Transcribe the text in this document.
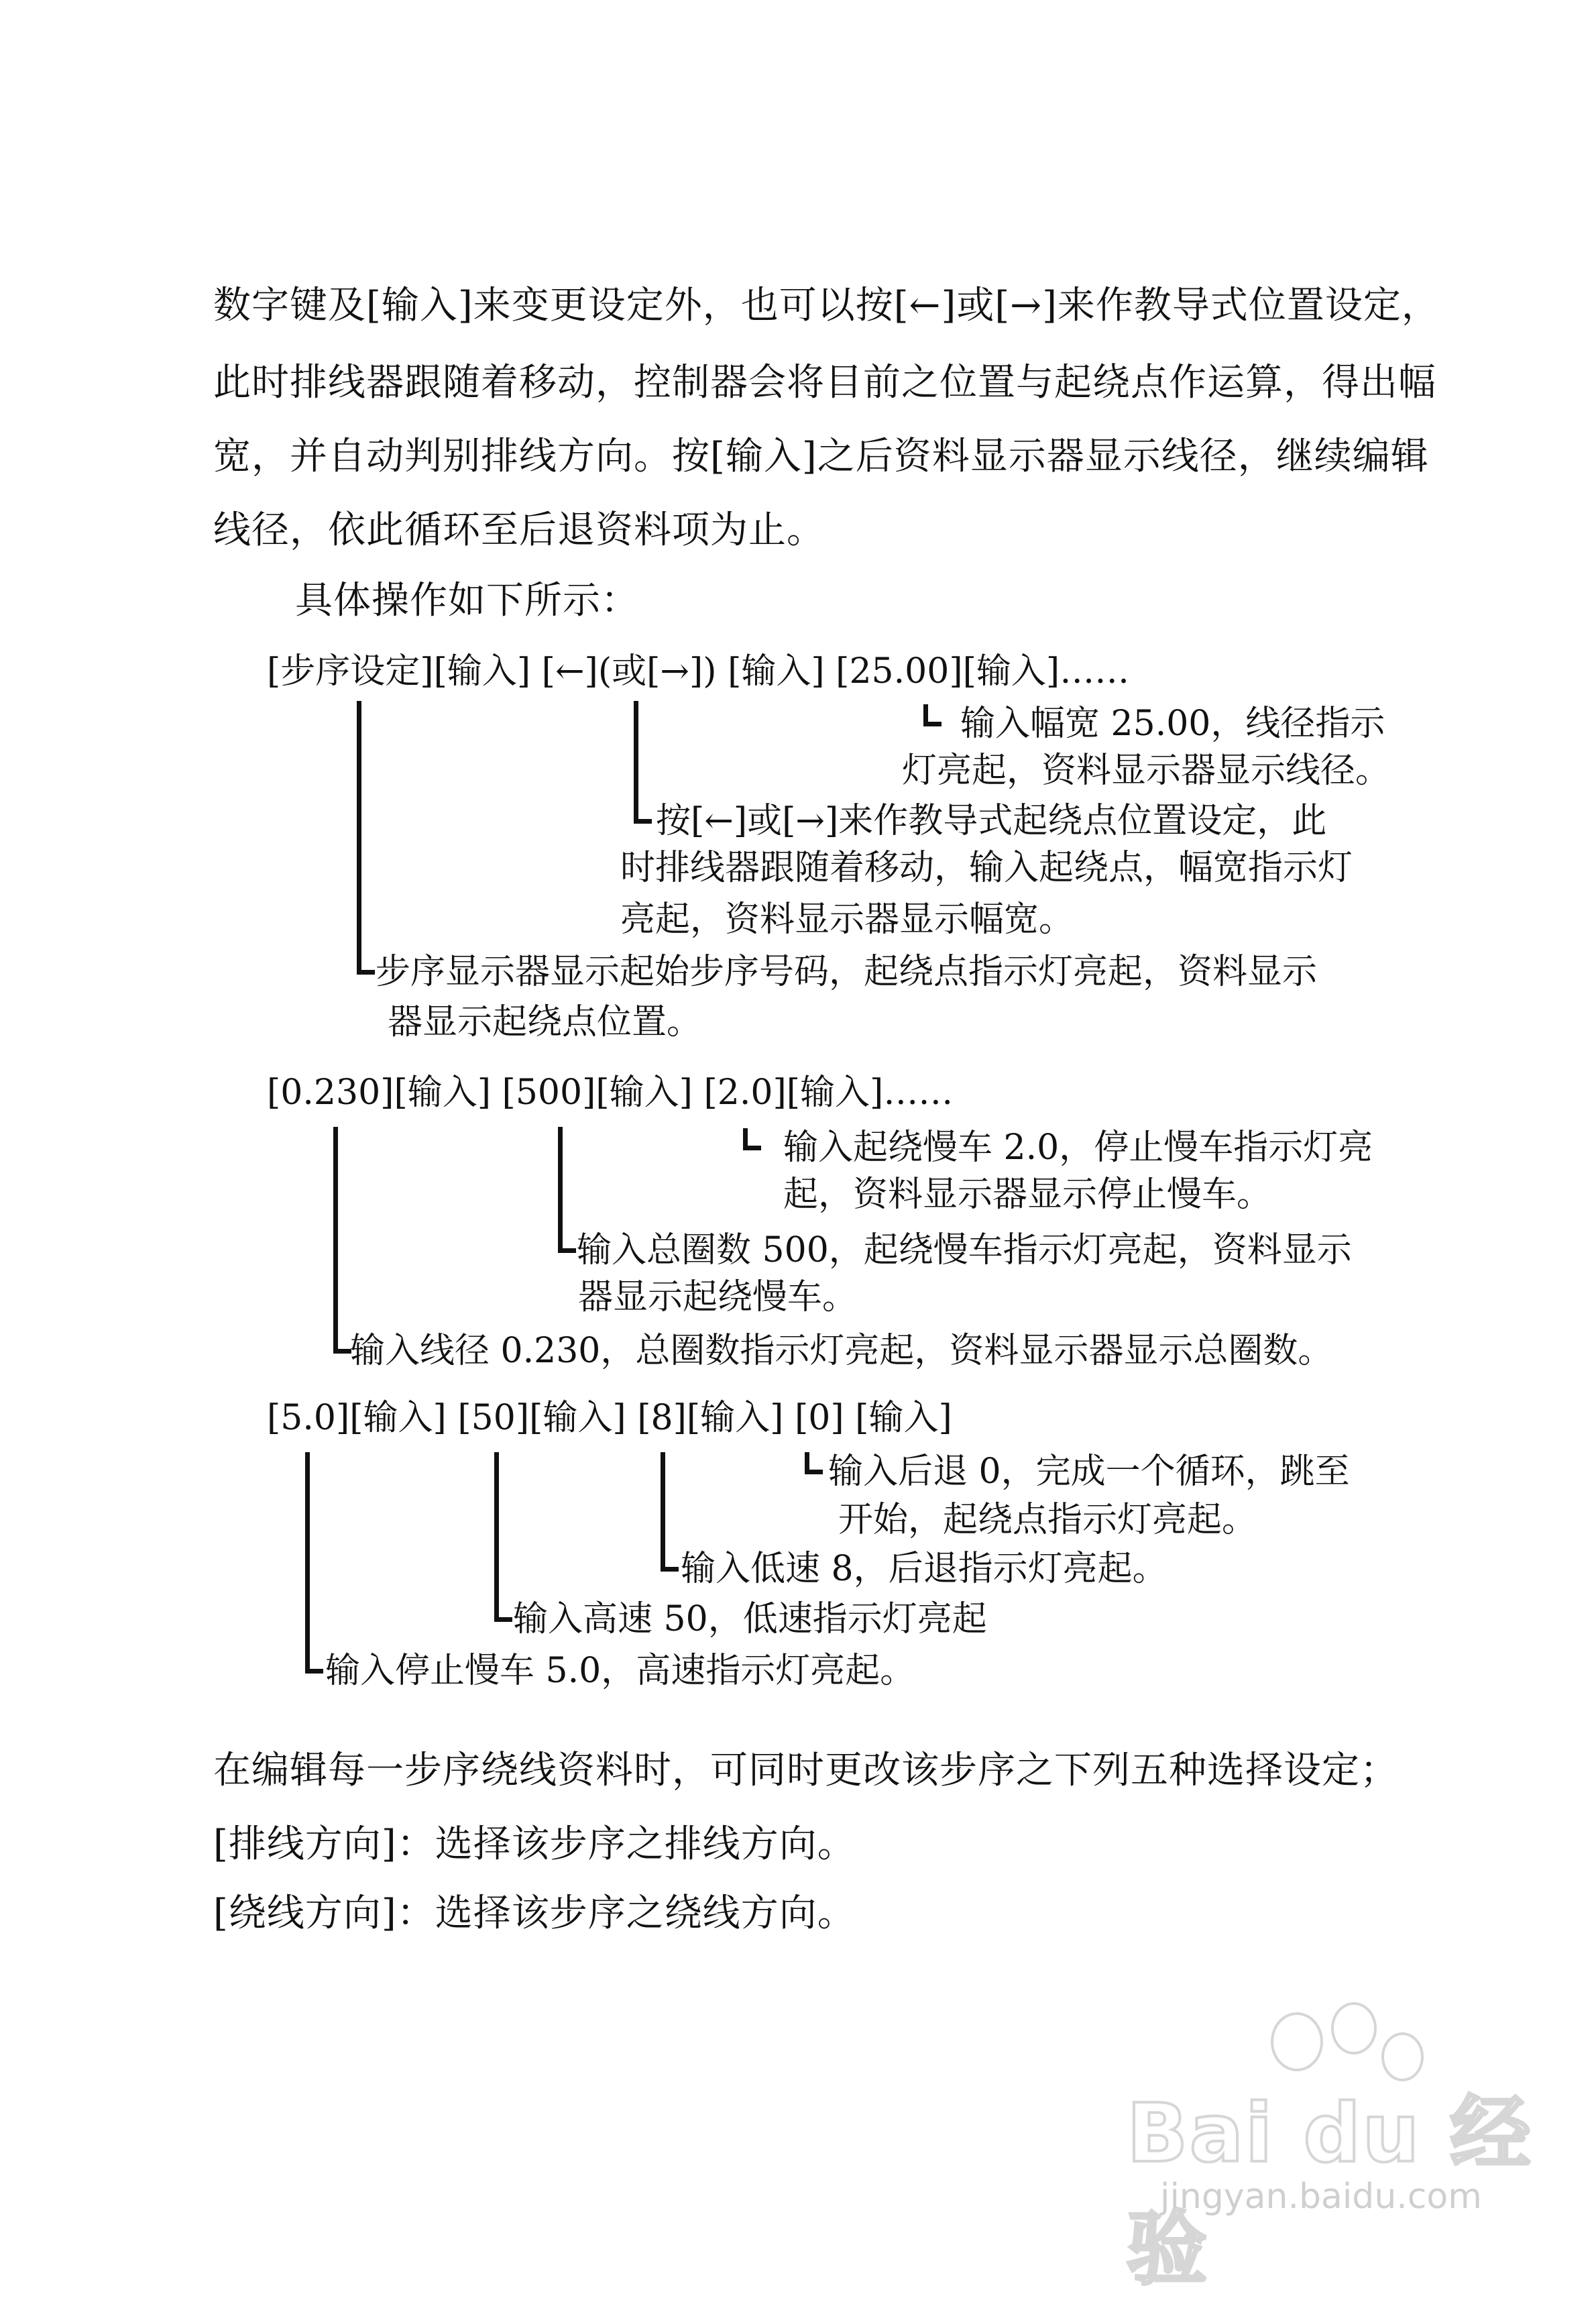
数字键及[输入]来变更设定外，也可以按[←]或[→]来作教导式位置设定，
此时排线器跟随着移动，控制器会将目前之位置与起绕点作运算，得出幅
宽，并自动判别排线方向。按[输入]之后资料显示器显示线径，继续编辑
线径，依此循环至后退资料项为止。
具体操作如下所示：
[步序设定][输入] [←](或[→]) [输入] [25.00][输入]……
输入幅宽 25.00，线径指示
灯亮起，资料显示器显示线径。
按[←]或[→]来作教导式起绕点位置设定，此
时排线器跟随着移动，输入起绕点，幅宽指示灯
亮起，资料显示器显示幅宽。
步序显示器显示起始步序号码，起绕点指示灯亮起，资料显示
器显示起绕点位置。
[0.230][输入] [500][输入] [2.0][输入]……
输入起绕慢车 2.0，停止慢车指示灯亮
起，资料显示器显示停止慢车。
输入总圈数 500，起绕慢车指示灯亮起，资料显示
器显示起绕慢车。
输入线径 0.230，总圈数指示灯亮起，资料显示器显示总圈数。
[5.0][输入] [50][输入] [8][输入] [0] [输入]
输入后退 0，完成一个循环，跳至
开始，起绕点指示灯亮起。
输入低速 8，后退指示灯亮起。
输入高速 50，低速指示灯亮起
输入停止慢车 5.0，高速指示灯亮起。
在编辑每一步序绕线资料时，可同时更改该步序之下列五种选择设定；
[排线方向]：选择该步序之排线方向。
[绕线方向]：选择该步序之绕线方向。
Bai du 经验
jingyan.baidu.com
